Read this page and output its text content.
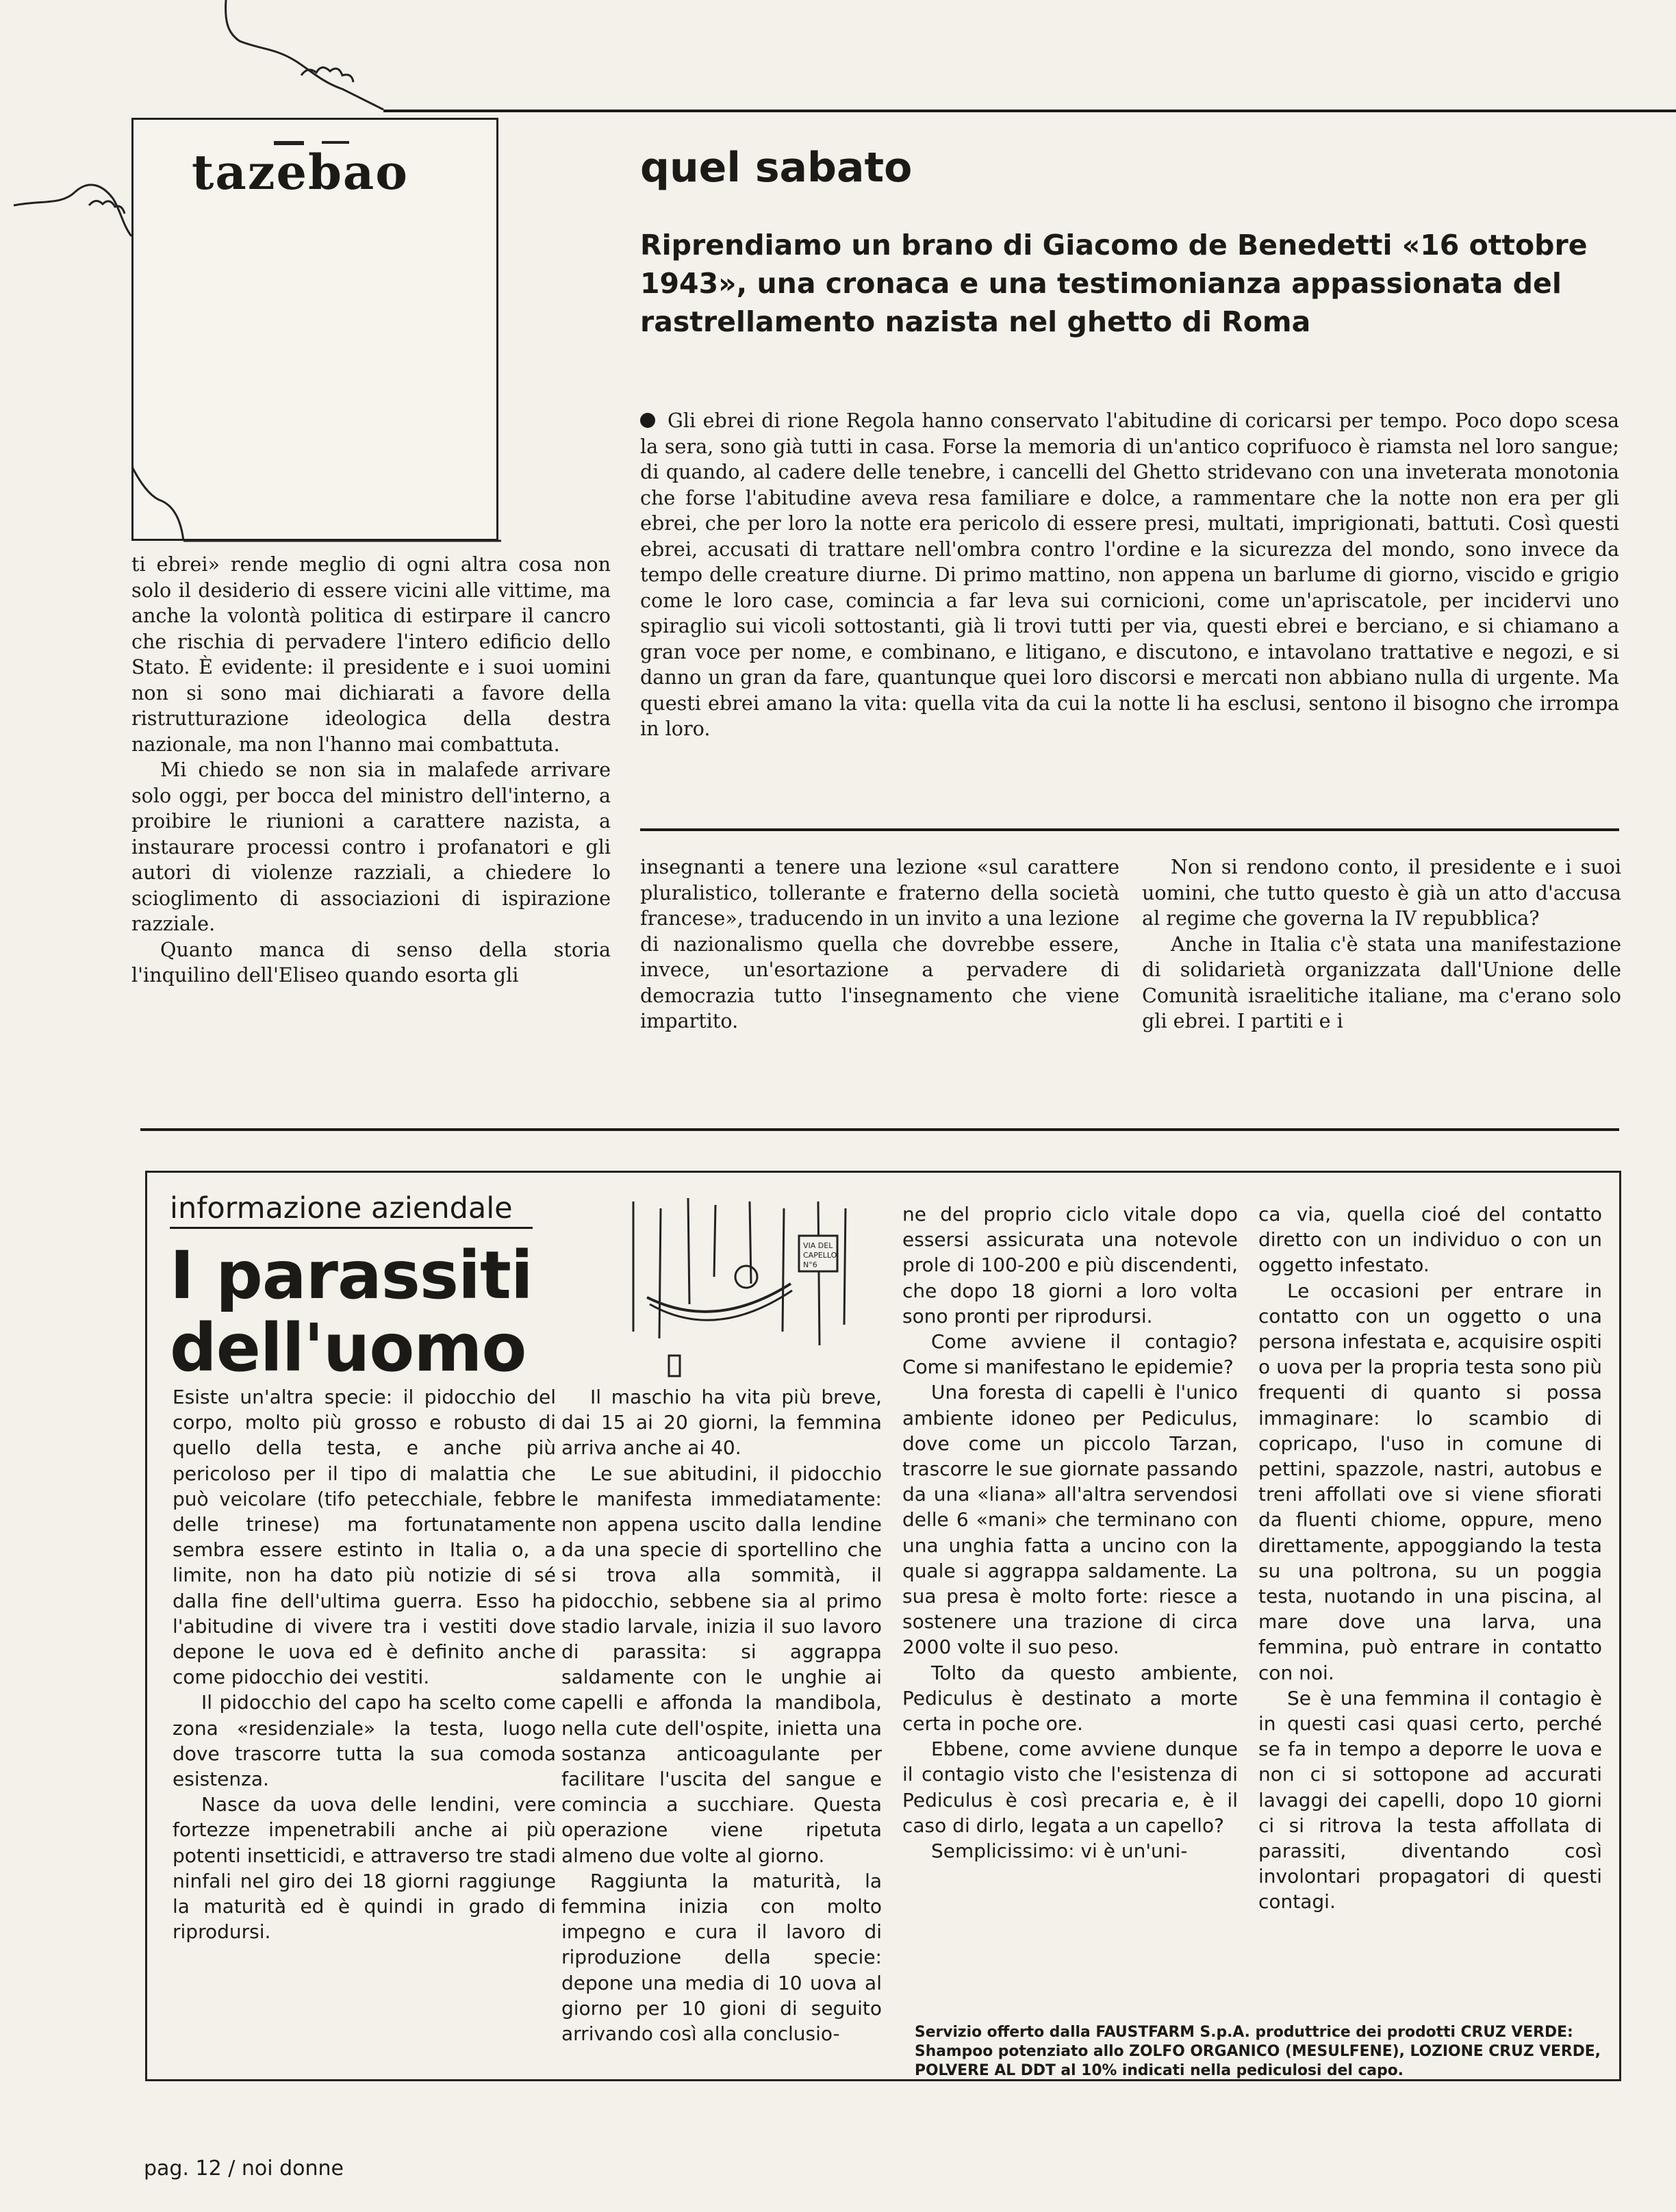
tazebao	quel sabato
Riprendiamo un brano di Giacomo de Benedetti «16 ottobre 1943», una cronaca e una testimonianza appassionata del rastrellamento nazista nel ghetto di Roma

Gli ebrei di rione Regola hanno conservato l'abitudine di coricarsi per tempo. Poco dopo scesa la sera, sono già tutti in casa. Forse la memoria di un'antico coprifuoco è riamsta nel loro sangue; di quando, al cadere delle tenebre, i cancelli del Ghetto stridevano con una inveterata monotonia che forse l'abitudine aveva resa familiare e dolce, a rammentare che la notte non era per gli ebrei, che per loro la notte era pericolo di essere presi, multati, imprigionati, battuti. Così questi ebrei, accusati di trattare nell'ombra contro l'ordine e la sicurezza del mondo, sono invece da tempo delle creature diurne. Di primo mattino, non appena un barlume di giorno, viscido e grigio come le loro case, comincia a far leva sui cornicioni, come un'apriscatole, per incidervi uno spiraglio sui vicoli sottostanti, già li trovi tutti per via, questi ebrei e berciano, e si chiamano a gran voce per nome, e combinano, e litigano, e discutono, e intavolano trattative e negozi, e si danno un gran da fare, quantunque quei loro discorsi e mercati non abbiano nulla di urgente. Ma questi ebrei amano la vita: quella vita da cui la notte li ha esclusi, sentono il bisogno che irrompa in loro.

ti ebrei» rende meglio di ogni altra cosa non solo il desiderio di essere vicini alle vittime, ma anche la volontà politica di estirpare il cancro che rischia di pervadere l'intero edificio dello Stato. È evidente: il presidente e i suoi uomini non si sono mai dichiarati a favore della ristrutturazione ideologica della destra nazionale, ma non l'hanno mai combattuta.

Mi chiedo se non sia in malafede arrivare solo oggi, per bocca del ministro dell'interno, a proibire le riunioni a carattere nazista, a instaurare processi contro i profanatori e gli autori di violenze razziali, a chiedere lo scioglimento di associazioni di ispirazione razziale.

Quanto manca di senso della storia l'inquilino dell'Eliseo quando esorta gli

insegnanti a tenere una lezione «sul carattere pluralistico, tollerante e fraterno della società francese», traducendo in un invito a una lezione di nazionalismo quella che dovrebbe essere, invece, un'esortazione a pervadere di democrazia tutto l'insegnamento che viene impartito.

Non si rendono conto, il presidente e i suoi uomini, che tutto questo è già un atto d'accusa al regime che governa la IV repubblica?

Anche in Italia c'è stata una manifestazione di solidarietà organizzata dall'Unione delle Comunità israelitiche italiane, ma c'erano solo gli ebrei. I partiti e i

informazione aziendale
I parassiti
dell'uomo
VIA DEL
CAPELLO
N°6

Esiste un'altra specie: il pidocchio del corpo, molto più grosso e robusto di quello della testa, e anche più pericoloso per il tipo di malattia che può veicolare (tifo petecchiale, febbre delle trinese) ma fortunatamente sembra essere estinto in Italia o, a limite, non ha dato più notizie di sé dalla fine dell'ultima guerra. Esso ha l'abitudine di vivere tra i vestiti dove depone le uova ed è definito anche come pidocchio dei vestiti.

Il pidocchio del capo ha scelto come zona «residenziale» la testa, luogo dove trascorre tutta la sua comoda esistenza.

Nasce da uova delle lendini, vere fortezze impenetrabili anche ai più potenti insetticidi, e attraverso tre stadi ninfali nel giro dei 18 giorni raggiunge la maturità ed è quindi in grado di riprodursi.

Il maschio ha vita più breve, dai 15 ai 20 giorni, la femmina arriva anche ai 40.

Le sue abitudini, il pidocchio le manifesta immediatamente: non appena uscito dalla lendine da una specie di sportellino che si trova alla sommità, il pidocchio, sebbene sia al primo stadio larvale, inizia il suo lavoro di parassita: si aggrappa saldamente con le unghie ai capelli e affonda la mandibola, nella cute dell'ospite, inietta una sostanza anticoagulante per facilitare l'uscita del sangue e comincia a succhiare. Questa operazione viene ripetuta almeno due volte al giorno.

Raggiunta la maturità, la femmina inizia con molto impegno e cura il lavoro di riproduzione della specie: depone una media di 10 uova al giorno per 10 gioni di seguito arrivando così alla conclusio-

ne del proprio ciclo vitale dopo essersi assicurata una notevole prole di 100-200 e più discendenti, che dopo 18 giorni a loro volta sono pronti per riprodursi.

Come avviene il contagio? Come si manifestano le epidemie?

Una foresta di capelli è l'unico ambiente idoneo per Pediculus, dove come un piccolo Tarzan, trascorre le sue giornate passando da una «liana» all'altra servendosi delle 6 «mani» che terminano con una unghia fatta a uncino con la quale si aggrappa saldamente. La sua presa è molto forte: riesce a sostenere una trazione di circa 2000 volte il suo peso.

Tolto da questo ambiente, Pediculus è destinato a morte certa in poche ore.

Ebbene, come avviene dunque il contagio visto che l'esistenza di Pediculus è così precaria e, è il caso di dirlo, legata a un capello?

Semplicissimo: vi è un'uni-

ca via, quella cioé del contatto diretto con un individuo o con un oggetto infestato.

Le occasioni per entrare in contatto con un oggetto o una persona infestata e, acquisire ospiti o uova per la propria testa sono più frequenti di quanto si possa immaginare: lo scambio di copricapo, l'uso in comune di pettini, spazzole, nastri, autobus e treni affollati ove si viene sfiorati da fluenti chiome, oppure, meno direttamente, appoggiando la testa su una poltrona, su un poggia testa, nuotando in una piscina, al mare dove una larva, una femmina, può entrare in contatto con noi.

Se è una femmina il contagio è in questi casi quasi certo, perché se fa in tempo a deporre le uova e non ci si sottopone ad accurati lavaggi dei capelli, dopo 10 giorni ci si ritrova la testa affollata di parassiti, diventando così involontari propagatori di questi contagi.

Servizio offerto dalla FAUSTFARM S.p.A. produttrice dei prodotti CRUZ VERDE: Shampoo potenziato allo ZOLFO ORGANICO (MESULFENE), LOZIONE CRUZ VERDE, POLVERE AL DDT al 10% indicati nella pediculosi del capo.

pag. 12 / noi donne
